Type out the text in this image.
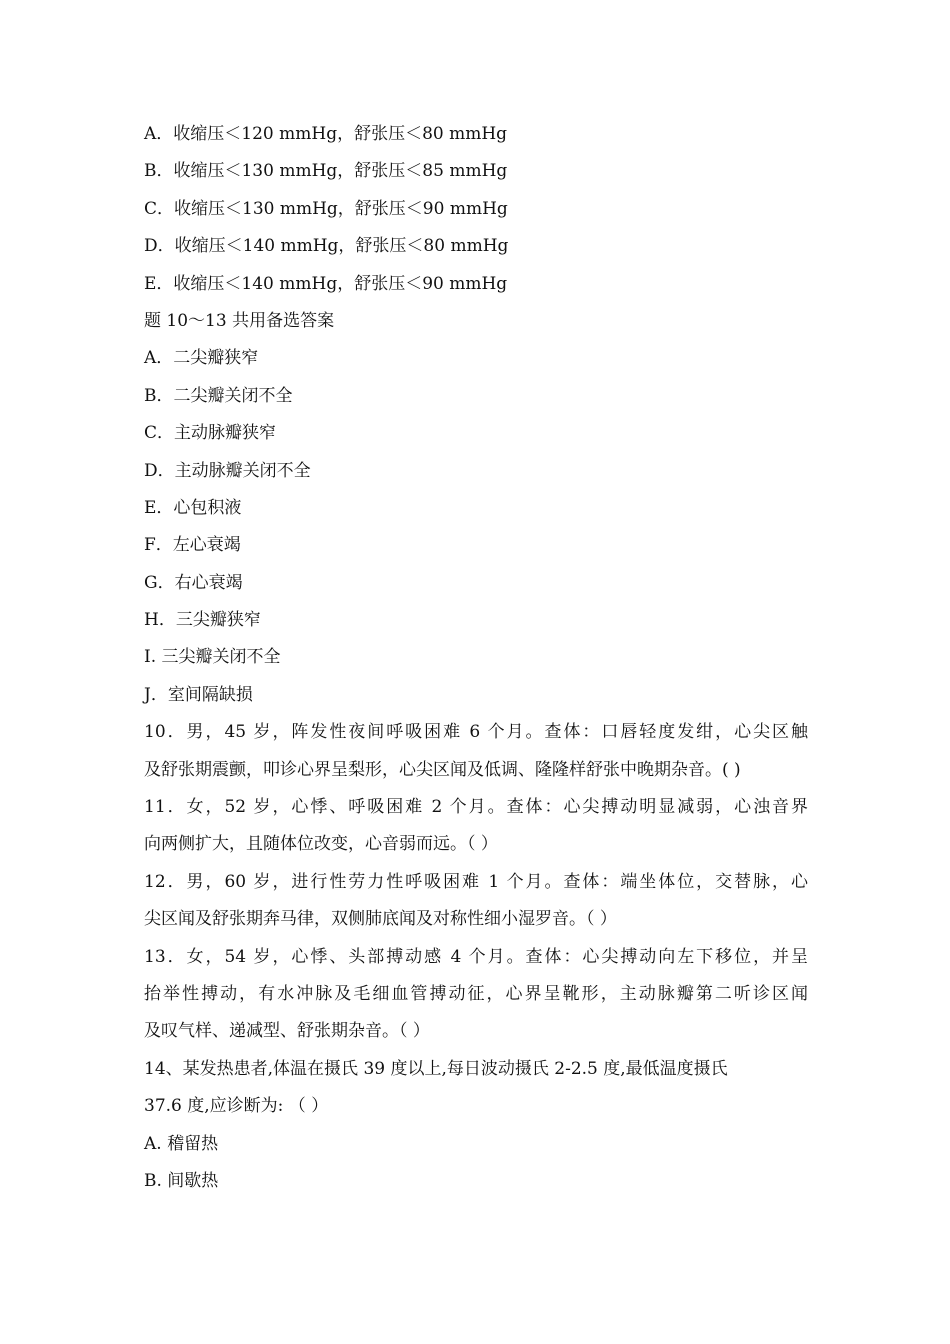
A．收缩压＜120 mmHg，舒张压＜80 mmHg
B．收缩压＜130 mmHg，舒张压＜85 mmHg
C．收缩压＜130 mmHg，舒张压＜90 mmHg
D．收缩压＜140 mmHg，舒张压＜80 mmHg
E．收缩压＜140 mmHg，舒张压＜90 mmHg
题 10～13 共用备选答案
A．二尖瓣狭窄
B．二尖瓣关闭不全
C．主动脉瓣狭窄
D．主动脉瓣关闭不全
E．心包积液
F．左心衰竭
G．右心衰竭
H．三尖瓣狭窄
I. 三尖瓣关闭不全
J．室间隔缺损
10．男，45 岁，阵发性夜间呼吸困难 6 个月。查体：口唇轻度发绀，心尖区触
及舒张期震颤，叩诊心界呈梨形，心尖区闻及低调、隆隆样舒张中晚期杂音。( )
11．女，52 岁，心悸、呼吸困难 2 个月。查体：心尖搏动明显减弱，心浊音界
向两侧扩大，且随体位改变，心音弱而远。（ ）
12．男，60 岁，进行性劳力性呼吸困难 1 个月。查体：端坐体位，交替脉，心
尖区闻及舒张期奔马律，双侧肺底闻及对称性细小湿罗音。（ ）
13．女，54 岁，心悸、头部搏动感 4 个月。查体：心尖搏动向左下移位，并呈
抬举性搏动，有水冲脉及毛细血管搏动征，心界呈靴形，主动脉瓣第二听诊区闻
及叹气样、递减型、舒张期杂音。（ ）
14、某发热患者,体温在摄氏 39 度以上,每日波动摄氏 2-2.5 度,最低温度摄氏
37.6 度,应诊断为: （ ）
A. 稽留热
B. 间歇热
